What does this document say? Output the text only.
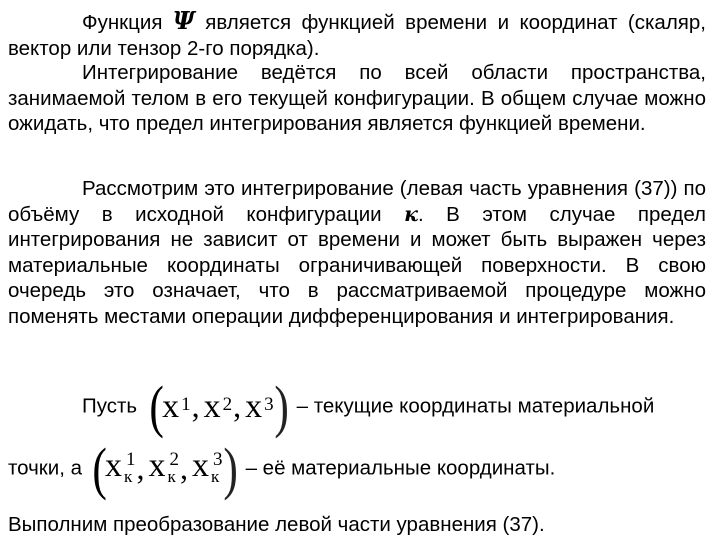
Функция Ψ является функцией времени и координат (скаляр, вектор или тензор 2-го порядка).

Интегрирование ведётся по всей области пространства, занимаемой телом в его текущей конфигурации. В общем случае можно ожидать, что предел интегрирования является функцией времени.

Рассмотрим это интегрирование (левая часть уравнения (37)) по объёму в исходной конфигурации к. В этом случае предел интегрирования не зависит от времени и может быть выражен через материальные координаты ограничивающей поверхности. В свою очередь это означает, что в рассматриваемой процедуре можно поменять местами операции дифференцирования и интегрирования.

Пусть (
x 1 , x 2 , x 3 ) – текущие координаты материальной
точки, а (
x 1
к , x 2
к , x 3
к ) – её материальные координаты.
Выполним преобразование левой части уравнения (37).
